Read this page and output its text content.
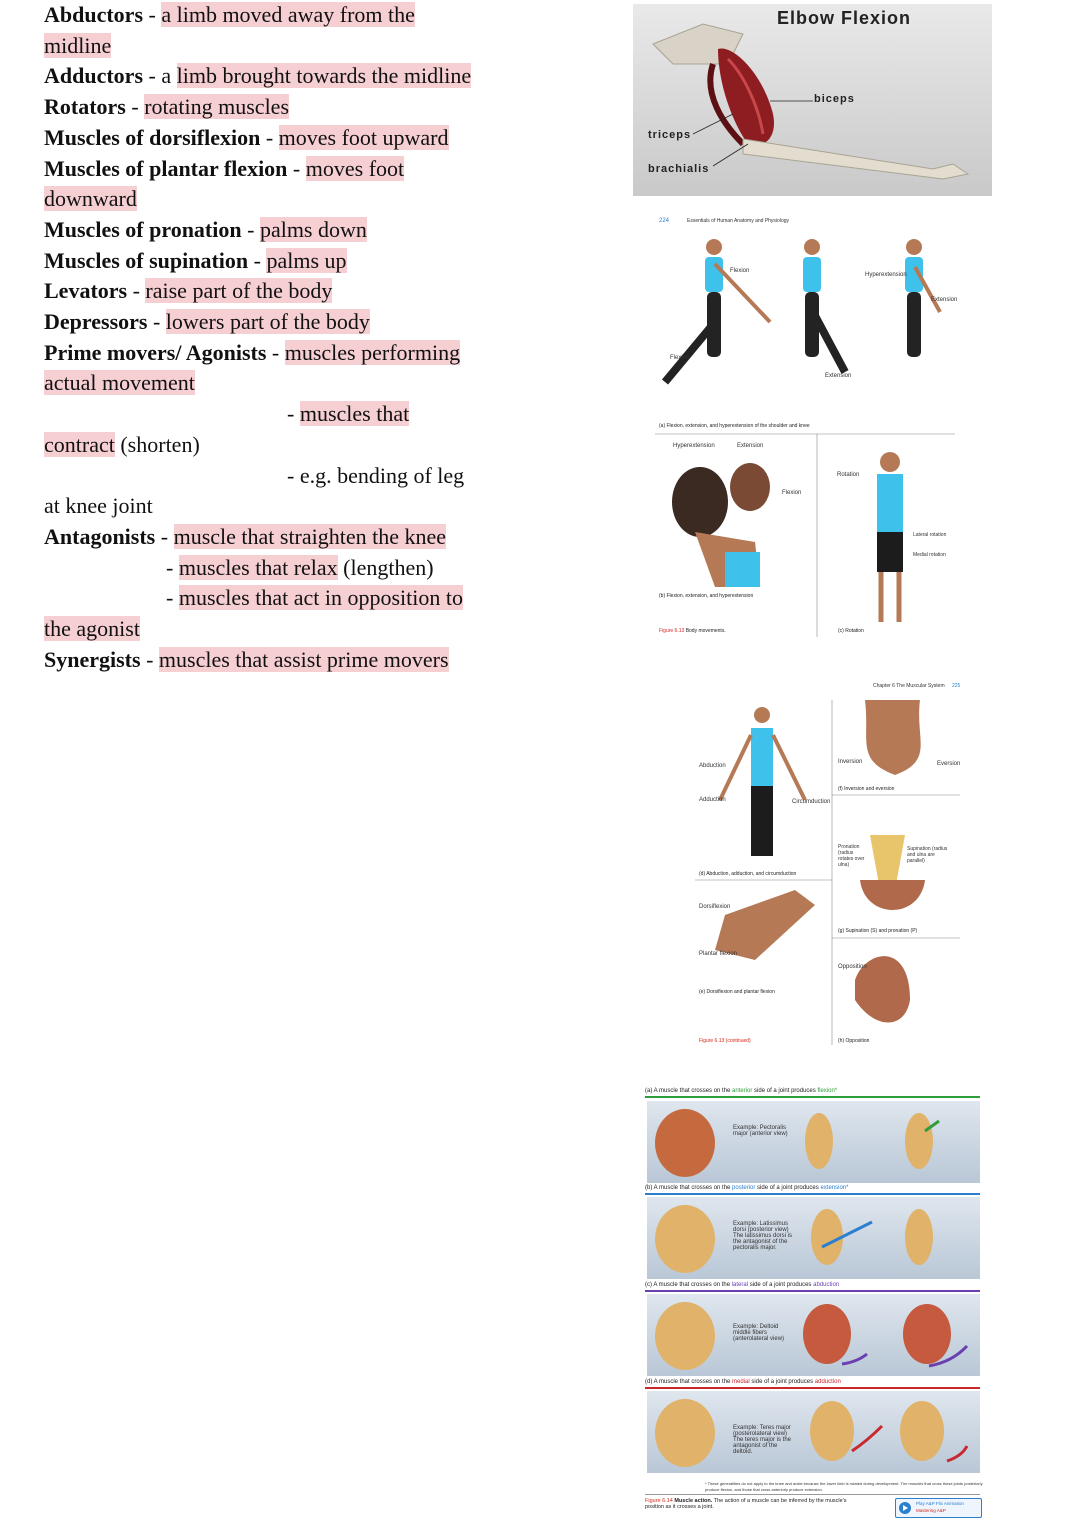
Abductors - a limb moved away from the
midline
Adductors - a limb brought towards the midline
Rotators - rotating muscles
Muscles of dorsiflexion - moves foot upward
Muscles of plantar flexion - moves foot
downward
Muscles of pronation - palms down
Muscles of supination - palms up
Levators - raise part of the body
Depressors - lowers part of the body
Prime movers/ Agonists - muscles performing
actual movement
- muscles that
contract (shorten)
- e.g. bending of leg
at knee joint
Antagonists - muscle that straighten the knee
- muscles that relax (lengthen)
- muscles that act in opposition to
the agonist
Synergists - muscles that assist prime movers
Elbow Flexion
biceps
triceps
brachialis
224	Essentials of Human Anatomy and Physiology
Flexion
Flexion
Extension
Hyperextension
Extension
(a) Flexion, extension, and hyperextension of the shoulder and knee
Hyperextension	Extension
Flexion
(b) Flexion, extension, and hyperextension
Rotation
Lateral rotation
Medial rotation
(c) Rotation
Figure 6.13 Body movements.
Chapter 6 The Muscular System 225
Abduction
Adduction	Circumduction
(d) Abduction, adduction, and circumduction
Inversion	Eversion
(f) Inversion and eversion
Pronation (radius rotates over ulna)
Supination (radius and ulna are parallel)
(g) Supination (S) and pronation (P)
Dorsiflexion
Plantar flexion
(e) Dorsiflexion and plantar flexion
Opposition
(h) Opposition
Figure 6.13 (continued)
(a) A muscle that crosses on the anterior side of a joint produces flexion*
Example: Pectoralis major (anterior view)
(b) A muscle that crosses on the posterior side of a joint produces extension*
Example: Latissimus dorsi (posterior view) The latissimus dorsi is the antagonist of the pectoralis major.
(c) A muscle that crosses on the lateral side of a joint produces abduction
Example: Deltoid middle fibers (anterolateral view)
(d) A muscle that crosses on the medial side of a joint produces adduction
Example: Teres major (posterolateral view) The teres major is the antagonist of the deltoid.
* These generalities do not apply to the knee and ankle because the lower limb is rotated during development. The muscles that cross these joints posteriorly produce flexion, and those that cross anteriorly produce extension.
Figure 6.14 Muscle action. The action of a muscle can be inferred by the muscle's position as it crosses a joint.
Play A&P Flix Animation
Mastering A&P
